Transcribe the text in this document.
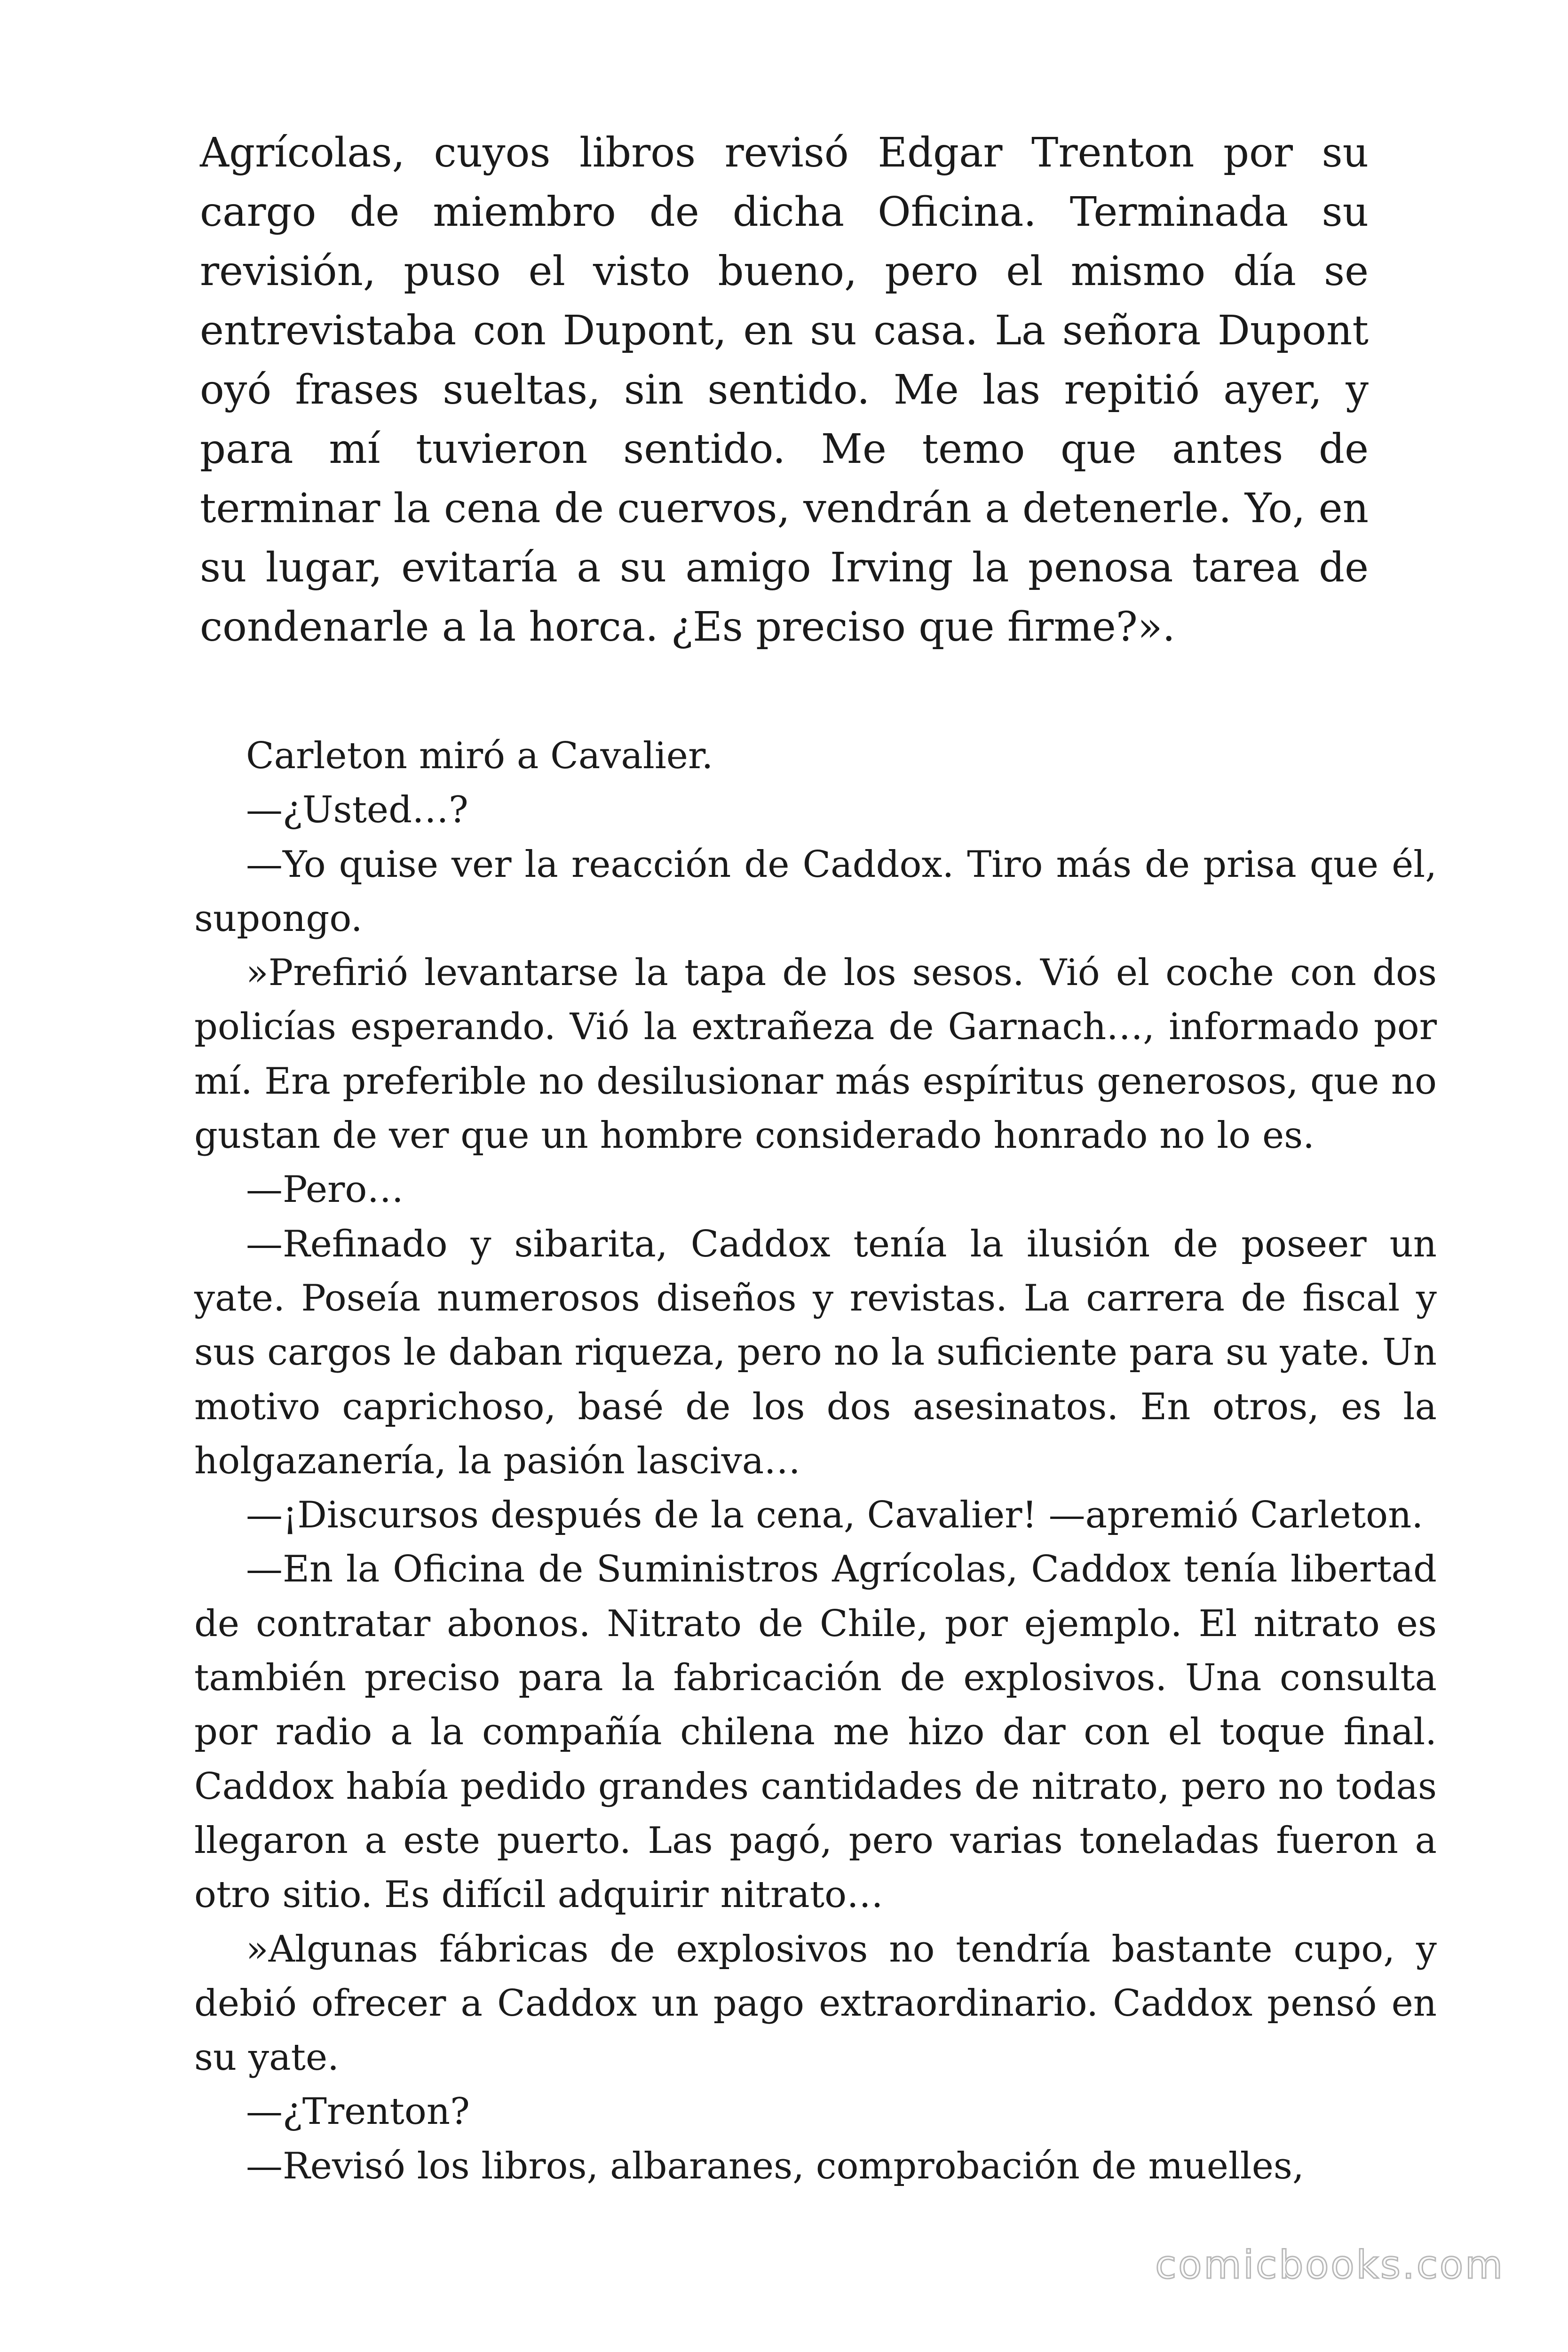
Agrícolas, cuyos libros revisó Edgar Trenton por su cargo de miembro de dicha Oficina. Terminada su revisión, puso el visto bueno, pero el mismo día se entrevistaba con Dupont, en su casa. La señora Dupont oyó frases sueltas, sin sentido. Me las repitió ayer, y para mí tuvieron sentido. Me temo que antes de terminar la cena de cuervos, vendrán a detenerle. Yo, en su lugar, evitaría a su amigo Irving la penosa tarea de condenarle a la horca. ¿Es preciso que firme?».

Carleton miró a Cavalier.

—¿Usted…?

—Yo quise ver la reacción de Caddox. Tiro más de prisa que él, supongo.

»Prefirió levantarse la tapa de los sesos. Vió el coche con dos policías esperando. Vió la extrañeza de Garnach…, informado por mí. Era preferible no desilusionar más espíritus generosos, que no gustan de ver que un hombre considerado honrado no lo es.

—Pero…

—Refinado y sibarita, Caddox tenía la ilusión de poseer un yate. Poseía numerosos diseños y revistas. La carrera de fiscal y sus cargos le daban riqueza, pero no la suficiente para su yate. Un motivo caprichoso, basé de los dos asesinatos. En otros, es la holgazanería, la pasión lasciva…

—¡Discursos después de la cena, Cavalier! —apremió Carleton.

—En la Oficina de Suministros Agrícolas, Caddox tenía libertad de contratar abonos. Nitrato de Chile, por ejemplo. El nitrato es también preciso para la fabricación de explosivos. Una consulta por radio a la compañía chilena me hizo dar con el toque final. Caddox había pedido grandes cantidades de nitrato, pero no todas llegaron a este puerto. Las pagó, pero varias toneladas fueron a otro sitio. Es difícil adquirir nitrato…

»Algunas fábricas de explosivos no tendría bastante cupo, y debió ofrecer a Caddox un pago extraordinario. Caddox pensó en su yate.

—¿Trenton?

—Revisó los libros, albaranes, comprobación de muelles,

comicbooks.com
